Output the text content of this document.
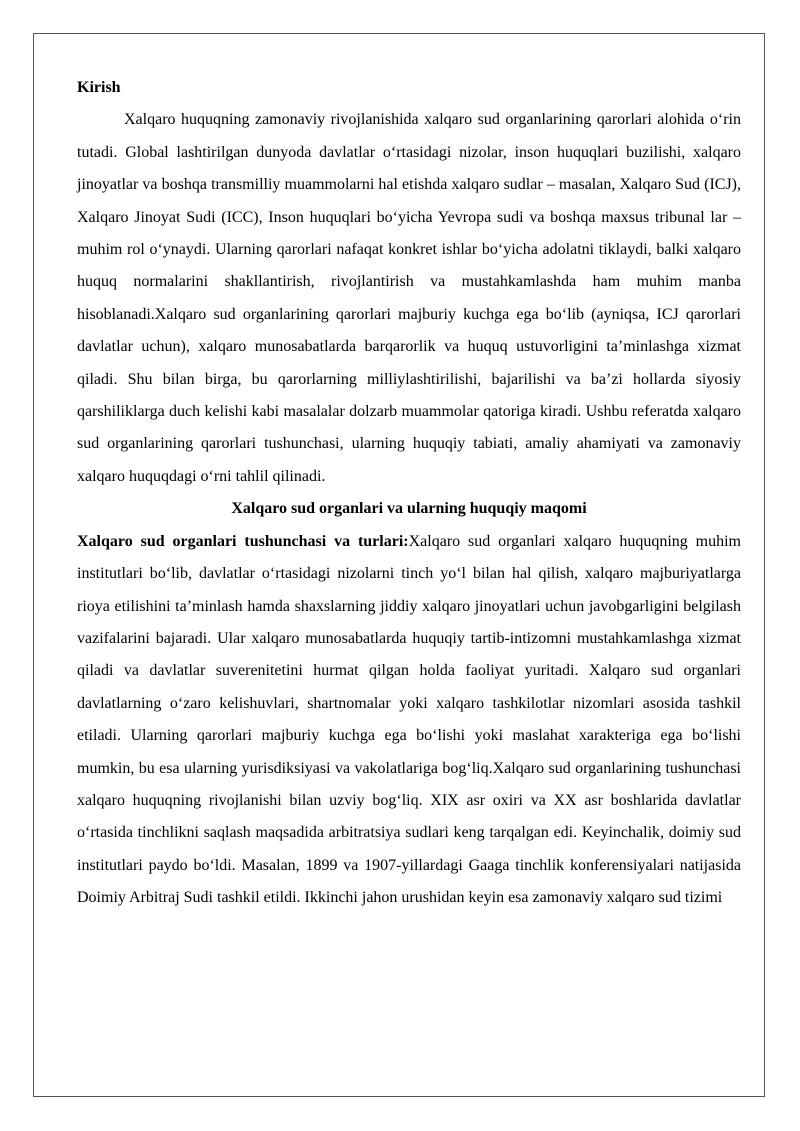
Kirish

Xalqaro huquqning zamonaviy rivojlanishida xalqaro sud organlarining qarorlari alohida o‘rin tutadi. Global lashtirilgan dunyoda davlatlar o‘rtasidagi nizolar, inson huquqlari buzilishi, xalqaro jinoyatlar va boshqa transmilliy muammolarni hal etishda xalqaro sudlar – masalan, Xalqaro Sud (ICJ), Xalqaro Jinoyat Sudi (ICC), Inson huquqlari bo‘yicha Yevropa sudi va boshqa maxsus tribunal lar – muhim rol o‘ynaydi. Ularning qarorlari nafaqat konkret ishlar bo‘yicha adolatni tiklaydi, balki xalqaro huquq normalarini shakllantirish, rivojlantirish va mustahkamlashda ham muhim manba hisoblanadi.Xalqaro sud organlarining qarorlari majburiy kuchga ega bo‘lib (ayniqsa, ICJ qarorlari davlatlar uchun), xalqaro munosabatlarda barqarorlik va huquq ustuvorligini ta’minlashga xizmat qiladi. Shu bilan birga, bu qarorlarning milliylashtirilishi, bajarilishi va ba’zi hollarda siyosiy qarshiliklarga duch kelishi kabi masalalar dolzarb muammolar qatoriga kiradi. Ushbu referatda xalqaro sud organlarining qarorlari tushunchasi, ularning huquqiy tabiati, amaliy ahamiyati va zamonaviy xalqaro huquqdagi o‘rni tahlil qilinadi.

Xalqaro sud organlari va ularning huquqiy maqomi

Xalqaro sud organlari tushunchasi va turlari:Xalqaro sud organlari xalqaro huquqning muhim institutlari bo‘lib, davlatlar o‘rtasidagi nizolarni tinch yo‘l bilan hal qilish, xalqaro majburiyatlarga rioya etilishini ta’minlash hamda shaxslarning jiddiy xalqaro jinoyatlari uchun javobgarligini belgilash vazifalarini bajaradi. Ular xalqaro munosabatlarda huquqiy tartib-intizomni mustahkamlashga xizmat qiladi va davlatlar suverenitetini hurmat qilgan holda faoliyat yuritadi. Xalqaro sud organlari davlatlarning o‘zaro kelishuvlari, shartnomalar yoki xalqaro tashkilotlar nizomlari asosida tashkil etiladi. Ularning qarorlari majburiy kuchga ega bo‘lishi yoki maslahat xarakteriga ega bo‘lishi mumkin, bu esa ularning yurisdiksiyasi va vakolatlariga bog‘liq.Xalqaro sud organlarining tushunchasi xalqaro huquqning rivojlanishi bilan uzviy bog‘liq. XIX asr oxiri va XX asr boshlarida davlatlar o‘rtasida tinchlikni saqlash maqsadida arbitratsiya sudlari keng tarqalgan edi. Keyinchalik, doimiy sud institutlari paydo bo‘ldi. Masalan, 1899 va 1907-yillardagi Gaaga tinchlik konferensiyalari natijasida Doimiy Arbitraj Sudi tashkil etildi. Ikkinchi jahon urushidan keyin esa zamonaviy xalqaro sud tizimi
